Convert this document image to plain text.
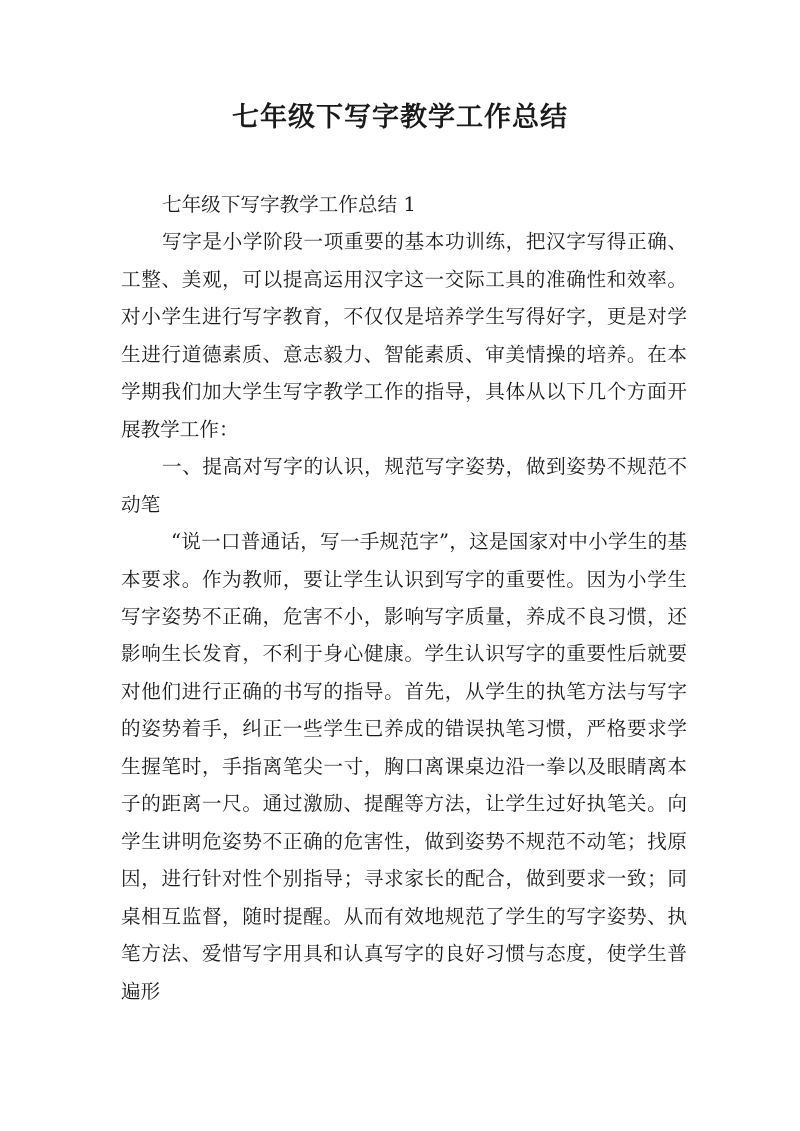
七年级下写字教学工作总结

七年级下写字教学工作总结 1

写字是小学阶段一项重要的基本功训练，把汉字写得正确、工整、美观，可以提高运用汉字这一交际工具的准确性和效率。对小学生进行写字教育，不仅仅是培养学生写得好字，更是对学生进行道德素质、意志毅力、智能素质、审美情操的培养。在本学期我们加大学生写字教学工作的指导，具体从以下几个方面开展教学工作：

一、提高对写字的认识，规范写字姿势，做到姿势不规范不动笔

“说一口普通话，写一手规范字”，这是国家对中小学生的基本要求。作为教师，要让学生认识到写字的重要性。因为小学生写字姿势不正确，危害不小，影响写字质量，养成不良习惯，还影响生长发育，不利于身心健康。学生认识写字的重要性后就要对他们进行正确的书写的指导。首先，从学生的执笔方法与写字的姿势着手，纠正一些学生已养成的错误执笔习惯，严格要求学生握笔时，手指离笔尖一寸，胸口离课桌边沿一拳以及眼睛离本子的距离一尺。通过激励、提醒等方法，让学生过好执笔关。向学生讲明危姿势不正确的危害性，做到姿势不规范不动笔；找原因，进行针对性个别指导；寻求家长的配合，做到要求一致；同桌相互监督，随时提醒。从而有效地规范了学生的写字姿势、执笔方法、爱惜写字用具和认真写字的良好习惯与态度，使学生普遍形
